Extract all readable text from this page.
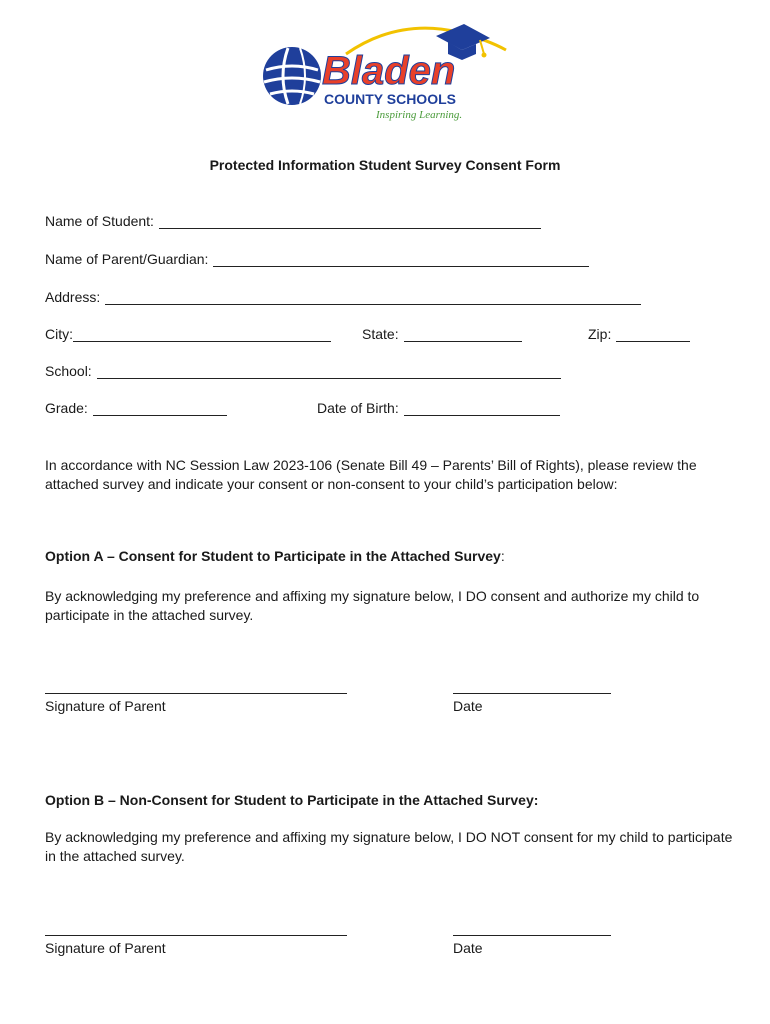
Bladen
COUNTY SCHOOLS
Inspiring Learning.
Protected Information Student Survey Consent Form
Name of Student:
Name of Parent/Guardian:
Address:
City:	State:	Zip:
School:
Grade:	Date of Birth:
In accordance with NC Session Law 2023-106 (Senate Bill 49 – Parents’ Bill of Rights), please review the attached survey and indicate your consent or non-consent to your child’s participation below:
Option A – Consent for Student to Participate in the Attached Survey:
By acknowledging my preference and affixing my signature below, I DO consent and authorize my child to participate in the attached survey.
Signature of Parent	Date
Option B – Non-Consent for Student to Participate in the Attached Survey:
By acknowledging my preference and affixing my signature below, I DO NOT consent for my child to participate in the attached survey.
Signature of Parent	Date
